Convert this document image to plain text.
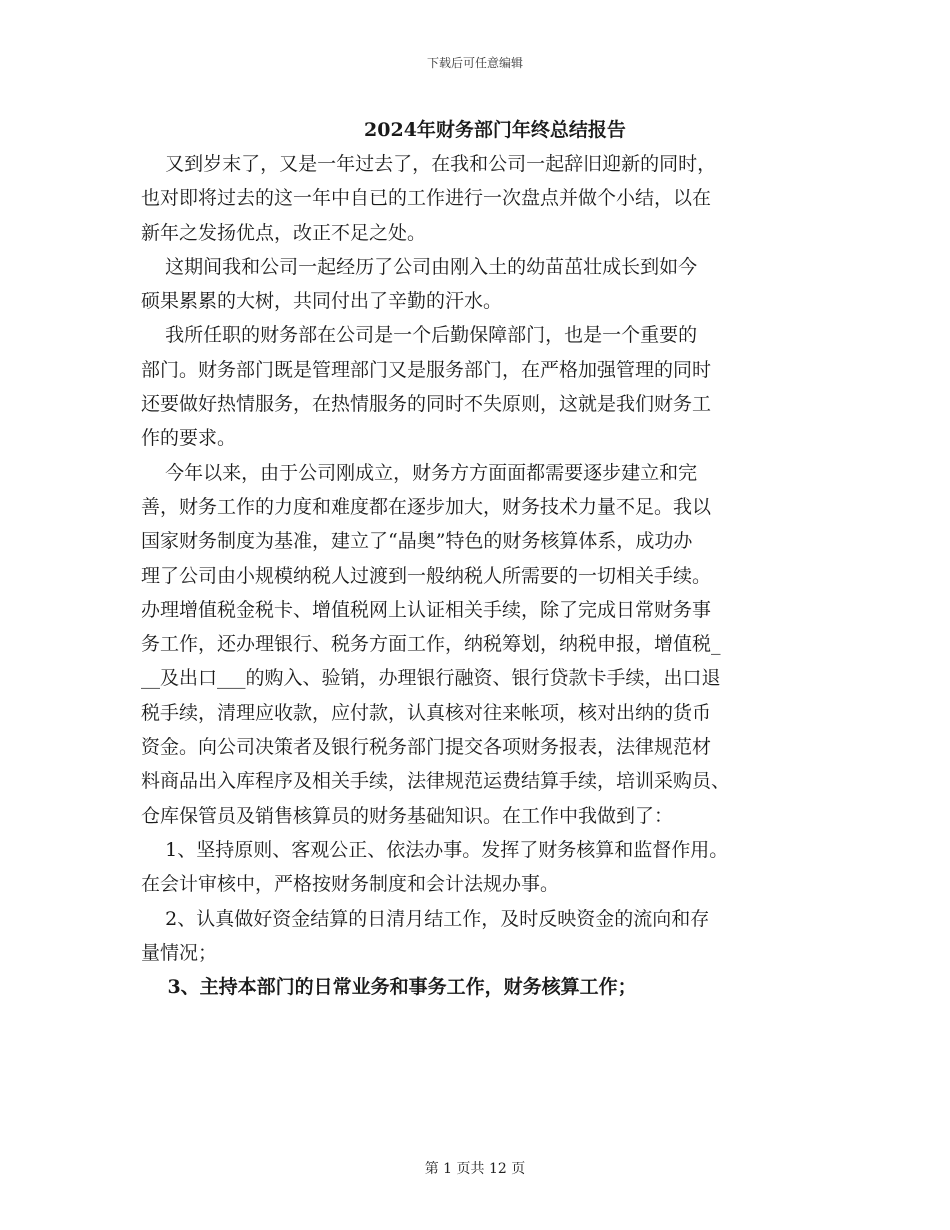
下载后可任意编辑
2024年财务部门年终总结报告
又到岁末了，又是一年过去了，在我和公司一起辞旧迎新的同时，
也对即将过去的这一年中自已的工作进行一次盘点并做个小结，以在
新年之发扬优点，改正不足之处。
这期间我和公司一起经历了公司由刚入土的幼苗茁壮成长到如今
硕果累累的大树，共同付出了辛勤的汗水。
我所任职的财务部在公司是一个后勤保障部门，也是一个重要的
部门。财务部门既是管理部门又是服务部门，在严格加强管理的同时
还要做好热情服务，在热情服务的同时不失原则，这就是我们财务工
作的要求。
今年以来，由于公司刚成立，财务方方面面都需要逐步建立和完
善，财务工作的力度和难度都在逐步加大，财务技术力量不足。我以
国家财务制度为基准，建立了“晶奥”特色的财务核算体系，成功办
理了公司由小规模纳税人过渡到一般纳税人所需要的一切相关手续。
办理增值税金税卡、增值税网上认证相关手续，除了完成日常财务事
务工作，还办理银行、税务方面工作，纳税筹划，纳税申报，增值税_
__及出口___的购入、验销，办理银行融资、银行贷款卡手续，出口退
税手续，清理应收款，应付款，认真核对往来帐项，核对出纳的货币
资金。向公司决策者及银行税务部门提交各项财务报表，法律规范材
料商品出入库程序及相关手续，法律规范运费结算手续，培训采购员、
仓库保管员及销售核算员的财务基础知识。在工作中我做到了：
1、坚持原则、客观公正、依法办事。发挥了财务核算和监督作用。
在会计审核中，严格按财务制度和会计法规办事。
2、认真做好资金结算的日清月结工作，及时反映资金的流向和存
量情况；
3、主持本部门的日常业务和事务工作，财务核算工作；
第 1 页共 12 页
